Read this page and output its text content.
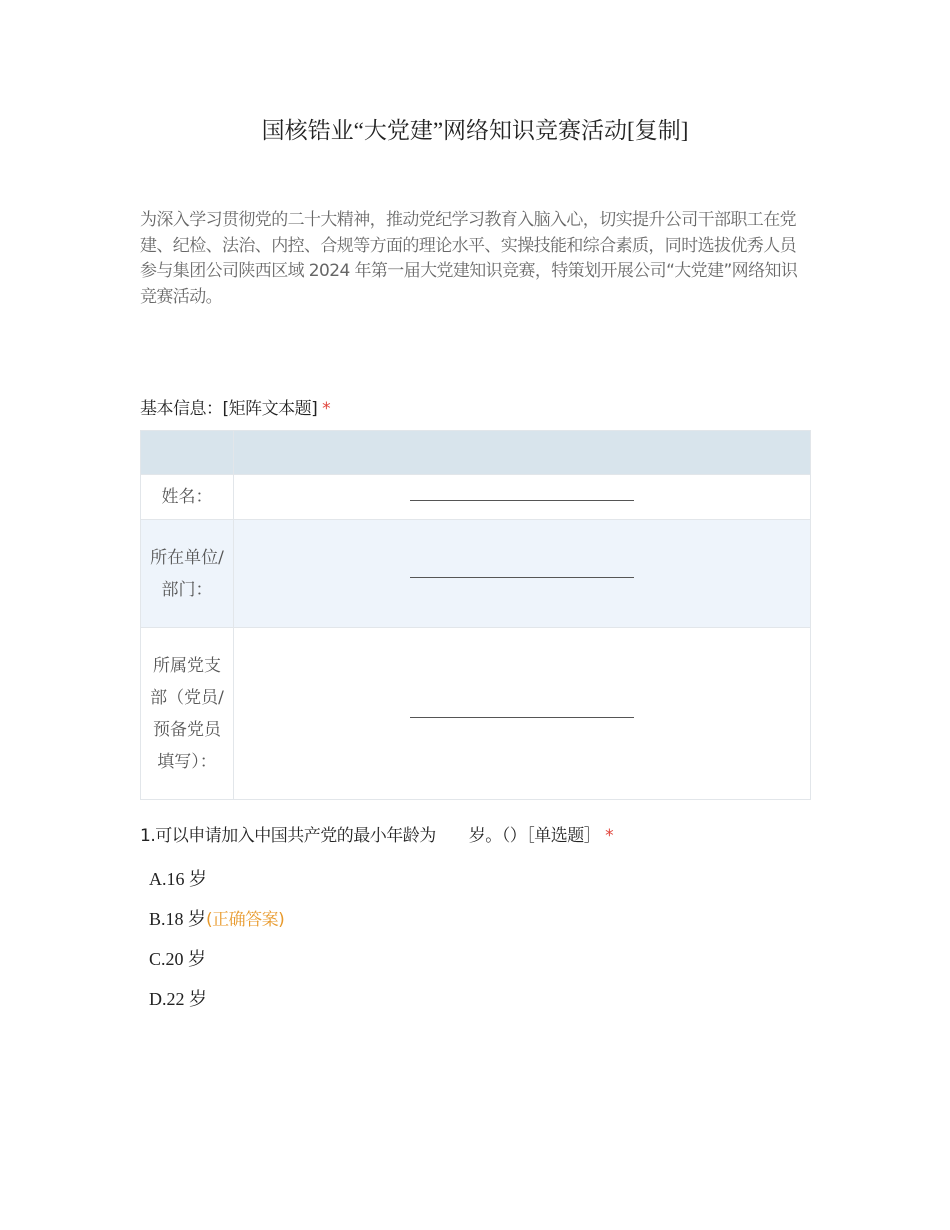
国核锆业“大党建”网络知识竞赛活动[复制]
为深入学习贯彻党的二十大精神，推动党纪学习教育入脑入心，切实提升公司干部职工在党建、纪检、法治、内控、合规等方面的理论水平、实操技能和综合素质，同时选拔优秀人员参与集团公司陕西区域 2024 年第一届大党建知识竞赛，特策划开展公司“大党建”网络知识竞赛活动。
基本信息：[矩阵文本题] *

姓名：	
所在单位/部门：	
所属党支部（党员/预备党员填写）：	
1.可以申请加入中国共产党的最小年龄为　　岁。（）［单选题］ *
A.16 岁
B.18 岁(正确答案)
C.20 岁
D.22 岁
